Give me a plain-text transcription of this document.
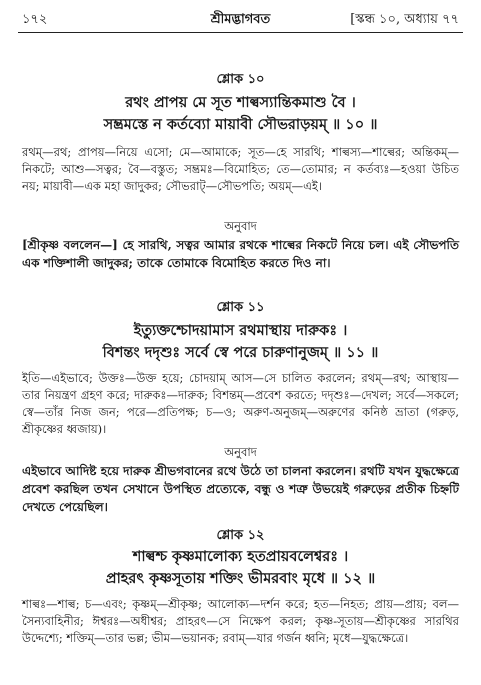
১৭২	শ্রীমদ্ভাগবত	[স্কন্ধ ১০, অধ্যায় ৭৭
শ্লোক ১০
রথং প্রাপয় মে সূত শাল্বস্যান্তিকমাশু বৈ ।
সম্ভ্রমস্তে ন কর্তব্যো মায়াবী সৌভরাড়য়ম্ ॥ ১০ ॥
রথম্—রথ; প্রাপয়—নিয়ে এসো; মে—আমাকে; সূত—হে সারথি; শাল্বস্য—শাল্বের; অন্তিকম্—নিকটে; আশু—সত্বর; বৈ—বস্তুত; সম্ভ্রমঃ—বিমোহিত; তে—তোমার; ন কর্তব্যঃ—হওয়া উচিত নয়; মায়াবী—এক মহা জাদুকর; সৌভরাট্—সৌভপতি; অয়ম্—এই।
অনুবাদ
[শ্রীকৃষ্ণ বললেন—] হে সারথি, সত্বর আমার রথকে শাল্বের নিকটে নিয়ে চল। এই সৌভপতি এক শক্তিশালী জাদুকর; তাকে তোমাকে বিমোহিত করতে দিও না।
শ্লোক ১১
ইত্যুক্তশ্চোদয়ামাস রথমাস্থায় দারুকঃ ।
বিশন্তং দদৃশুঃ সর্বে স্বে পরে চারুণানুজম্ ॥ ১১ ॥
ইতি—এইভাবে; উক্তঃ—উক্ত হয়ে; চোদয়াম্ আস—সে চালিত করলেন; রথম্—রথ; আস্থায়—তার নিয়ন্ত্রণ গ্রহণ করে; দারুকঃ—দারুক; বিশন্তম্—প্রবেশ করতে; দদৃশুঃ—দেখল; সর্বে—সকলে; স্বে—তাঁর নিজ জন; পরে—প্রতিপক্ষ; চ—ও; অরুণ-অনুজম্—অরুণের কনিষ্ঠ ভ্রাতা (গরুড়, শ্রীকৃষ্ণের ধ্বজায়)।
অনুবাদ
এইভাবে আদিষ্ট হয়ে দারুক শ্রীভগবানের রথে উঠে তা চালনা করলেন। রথটি যখন যুদ্ধক্ষেত্রে প্রবেশ করছিল তখন সেখানে উপস্থিত প্রত্যেকে, বন্ধু ও শত্রু উভয়েই গরুড়ের প্রতীক চিহ্নটি দেখতে পেয়েছিল।
শ্লোক ১২
শাল্বশ্চ কৃষ্ণমালোক্য হতপ্রায়বলেশ্বরঃ ।
প্রাহরৎ কৃষ্ণসূতায় শক্তিং ভীমরবাং মৃধে ॥ ১২ ॥
শাল্বঃ—শাল্ব; চ—এবং; কৃষ্ণম্—শ্রীকৃষ্ণ; আলোক্য—দর্শন করে; হত—নিহত; প্রায়—প্রায়; বল—সৈন্যবাহিনীর; ঈশ্বরঃ—অধীশ্বর; প্রাহরৎ—সে নিক্ষেপ করল; কৃষ্ণ-সূতায়—শ্রীকৃষ্ণের সারথির উদ্দেশ্যে; শক্তিম্—তার ভল্ল; ভীম—ভয়ানক; রবাম্—যার গর্জন ধ্বনি; মৃধে—যুদ্ধক্ষেত্রে।
